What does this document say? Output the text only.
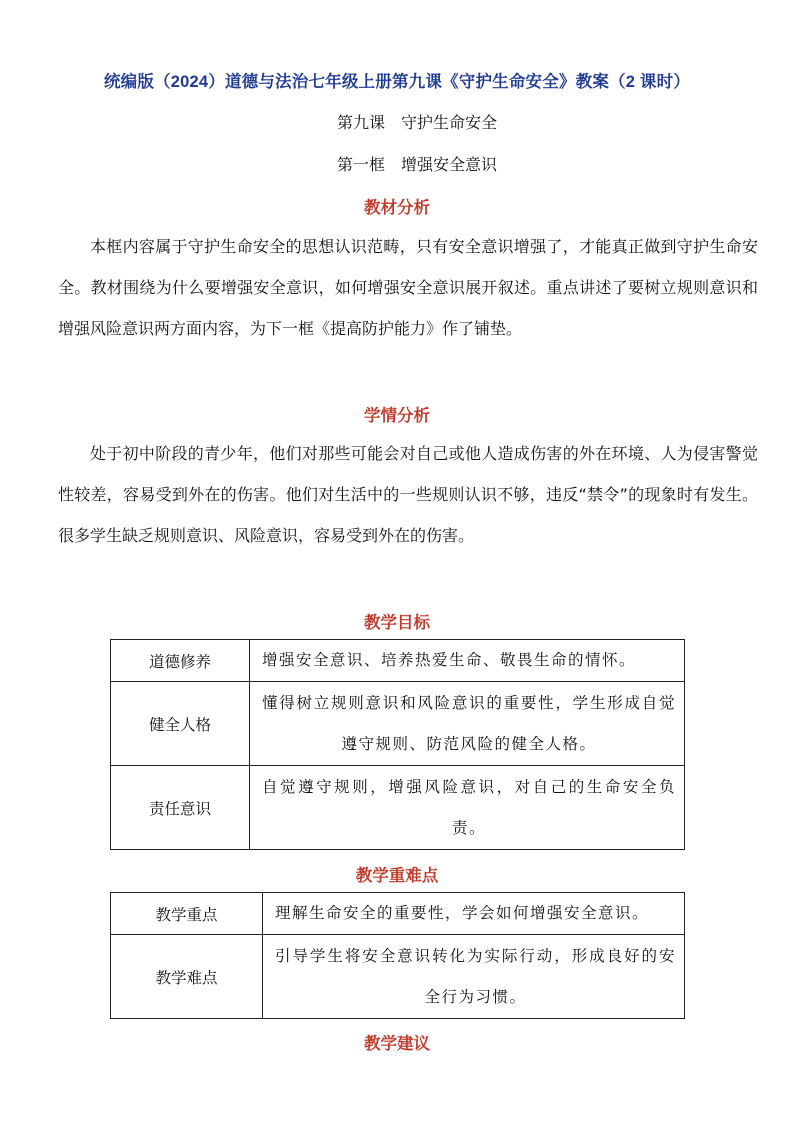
统编版（2024）道德与法治七年级上册第九课《守护生命安全》教案（2 课时）
第九课　守护生命安全
第一框　增强安全意识
教材分析

本框内容属于守护生命安全的思想认识范畴，只有安全意识增强了，才能真正做到守护生命安全。教材围绕为什么要增强安全意识，如何增强安全意识展开叙述。重点讲述了要树立规则意识和增强风险意识两方面内容，为下一框《提高防护能力》作了铺垫。

学情分析

处于初中阶段的青少年，他们对那些可能会对自己或他人造成伤害的外在环境、人为侵害警觉性较差，容易受到外在的伤害。他们对生活中的一些规则认识不够，违反“禁令”的现象时有发生。很多学生缺乏规则意识、风险意识，容易受到外在的伤害。

教学目标
道德修养	增强安全意识、培养热爱生命、敬畏生命的情怀。
健全人格	懂得树立规则意识和风险意识的重要性，学生形成自觉遵守规则、防范风险的健全人格。
责任意识	自觉遵守规则，增强风险意识，对自己的生命安全负责。
教学重难点
教学重点	理解生命安全的重要性，学会如何增强安全意识。
教学难点	引导学生将安全意识转化为实际行动，形成良好的安全行为习惯。
教学建议
